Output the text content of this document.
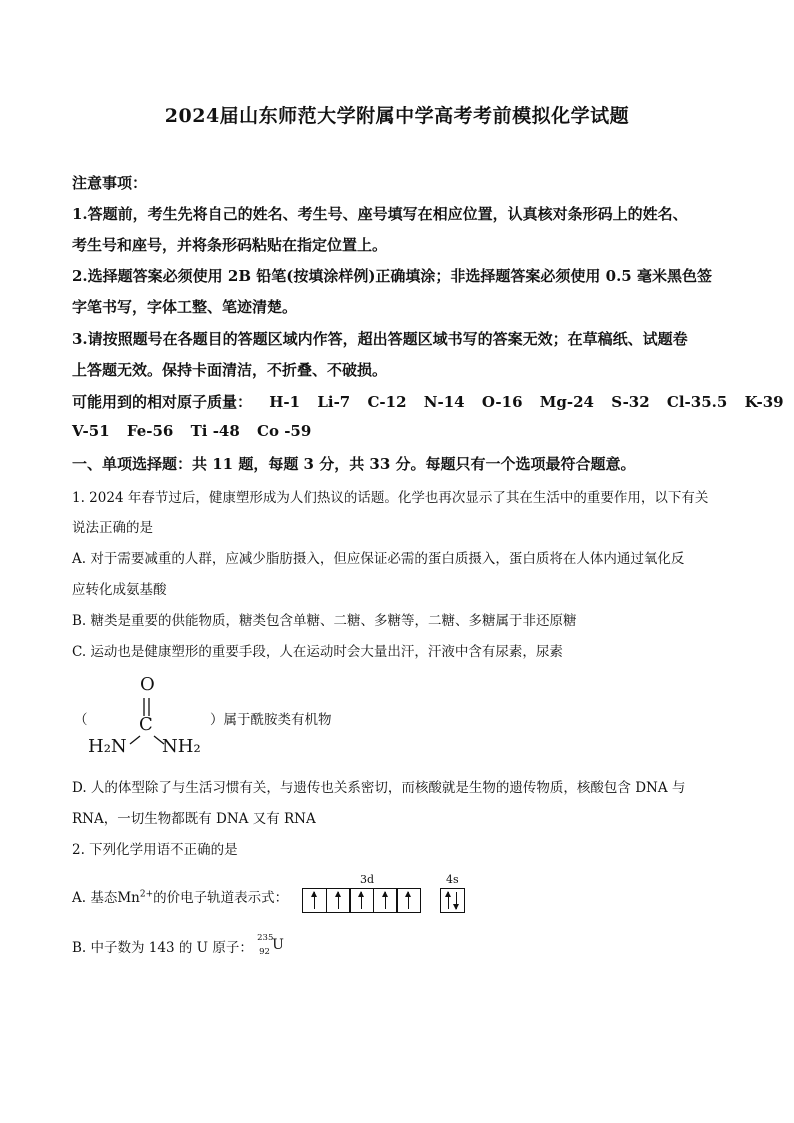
2024届山东师范大学附属中学高考考前模拟化学试题
注意事项：
1.答题前，考生先将自己的姓名、考生号、座号填写在相应位置，认真核对条形码上的姓名、
考生号和座号，并将条形码粘贴在指定位置上。
2.选择题答案必须使用 2B 铅笔(按填涂样例)正确填涂；非选择题答案必须使用 0.5 毫米黑色签
字笔书写，字体工整、笔迹清楚。
3.请按照题号在各题目的答题区域内作答，超出答题区域书写的答案无效；在草稿纸、试题卷
上答题无效。保持卡面清洁，不折叠、不破损。
可能用到的相对原子质量： H-1 Li-7 C-12 N-14 O-16 Mg-24 S-32 Cl-35.5 K-39
V-51 Fe-56 Ti -48 Co -59
一、单项选择题：共 11 题，每题 3 分，共 33 分。每题只有一个选项最符合题意。
1. 2024 年春节过后，健康塑形成为人们热议的话题。化学也再次显示了其在生活中的重要作用，以下有关
说法正确的是
A. 对于需要减重的人群，应减少脂肪摄入，但应保证必需的蛋白质摄入，蛋白质将在人体内通过氧化反
应转化成氨基酸
B. 糖类是重要的供能物质，糖类包含单糖、二糖、多糖等，二糖、多糖属于非还原糖
C. 运动也是健康塑形的重要手段，人在运动时会大量出汗，汗液中含有尿素，尿素
（
O
C
H₂N NH₂
）属于酰胺类有机物
D. 人的体型除了与生活习惯有关，与遗传也关系密切，而核酸就是生物的遗传物质，核酸包含 DNA 与
RNA，一切生物都既有 DNA 又有 RNA
2. 下列化学用语不正确的是
A. 基态$Mn^{2+}$的价电子轨道表示式：
3d	4s
B. 中子数为 143 的 U 原子：
235
92 U
